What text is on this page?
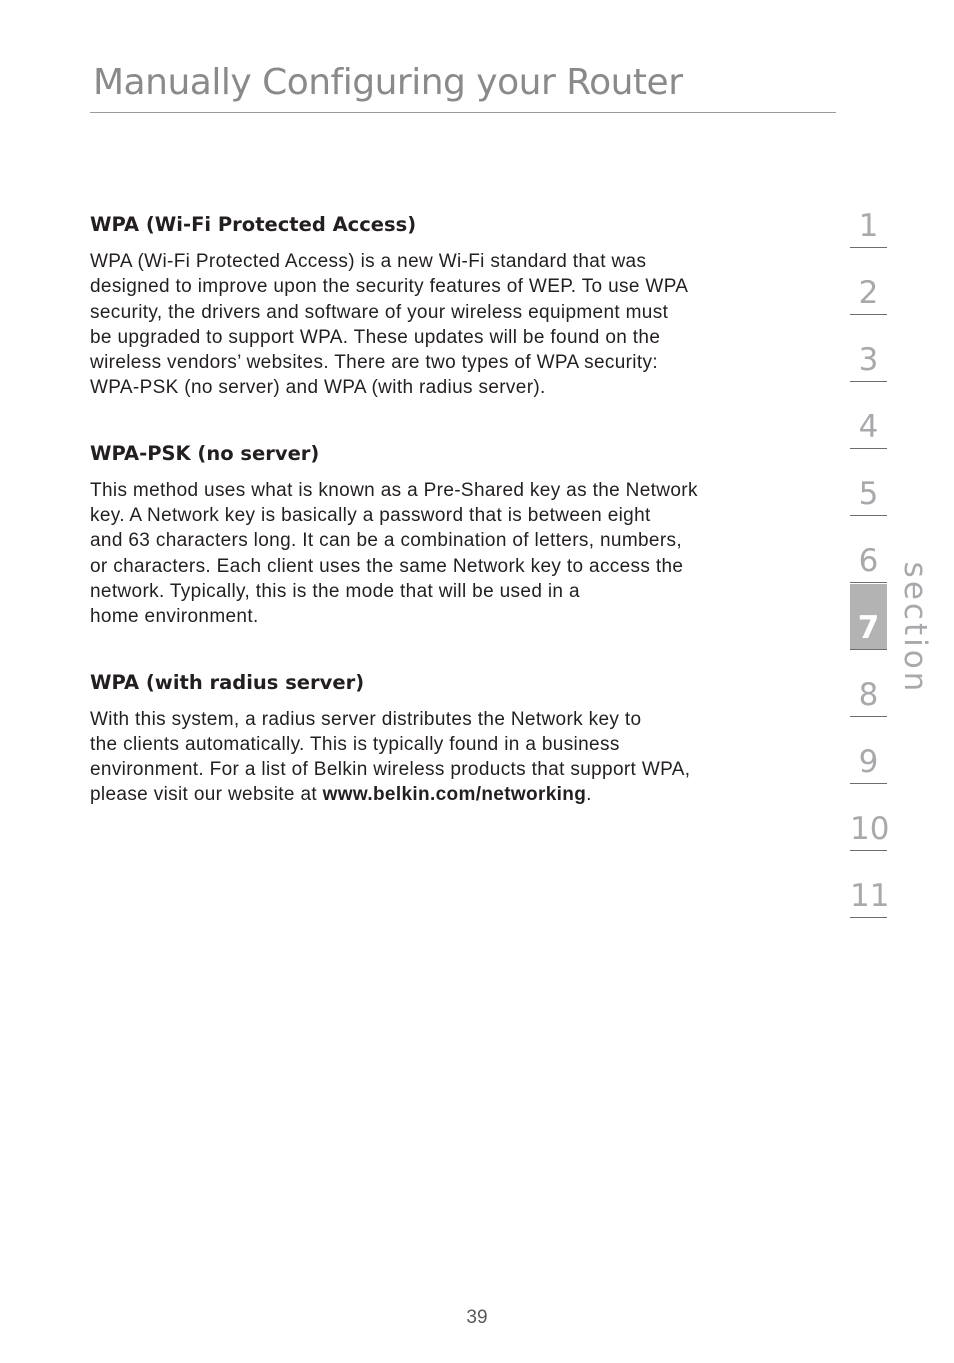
Manually Configuring your Router
WPA (Wi-Fi Protected Access)

WPA (Wi-Fi Protected Access) is a new Wi-Fi standard that was
designed to improve upon the security features of WEP. To use WPA
security, the drivers and software of your wireless equipment must
be upgraded to support WPA. These updates will be found on the
wireless vendors’ websites. There are two types of WPA security:
WPA-PSK (no server) and WPA (with radius server).

WPA-PSK (no server)

This method uses what is known as a Pre-Shared key as the Network
key. A Network key is basically a password that is between eight
and 63 characters long. It can be a combination of letters, numbers,
or characters. Each client uses the same Network key to access the
network. Typically, this is the mode that will be used in a
home environment.

WPA (with radius server)

With this system, a radius server distributes the Network key to
the clients automatically. This is typically found in a business
environment. For a list of Belkin wireless products that support WPA,
please visit our website at www.belkin.com/networking.

1
2
3
4
5
6
7
8
9
10
11
section
39
